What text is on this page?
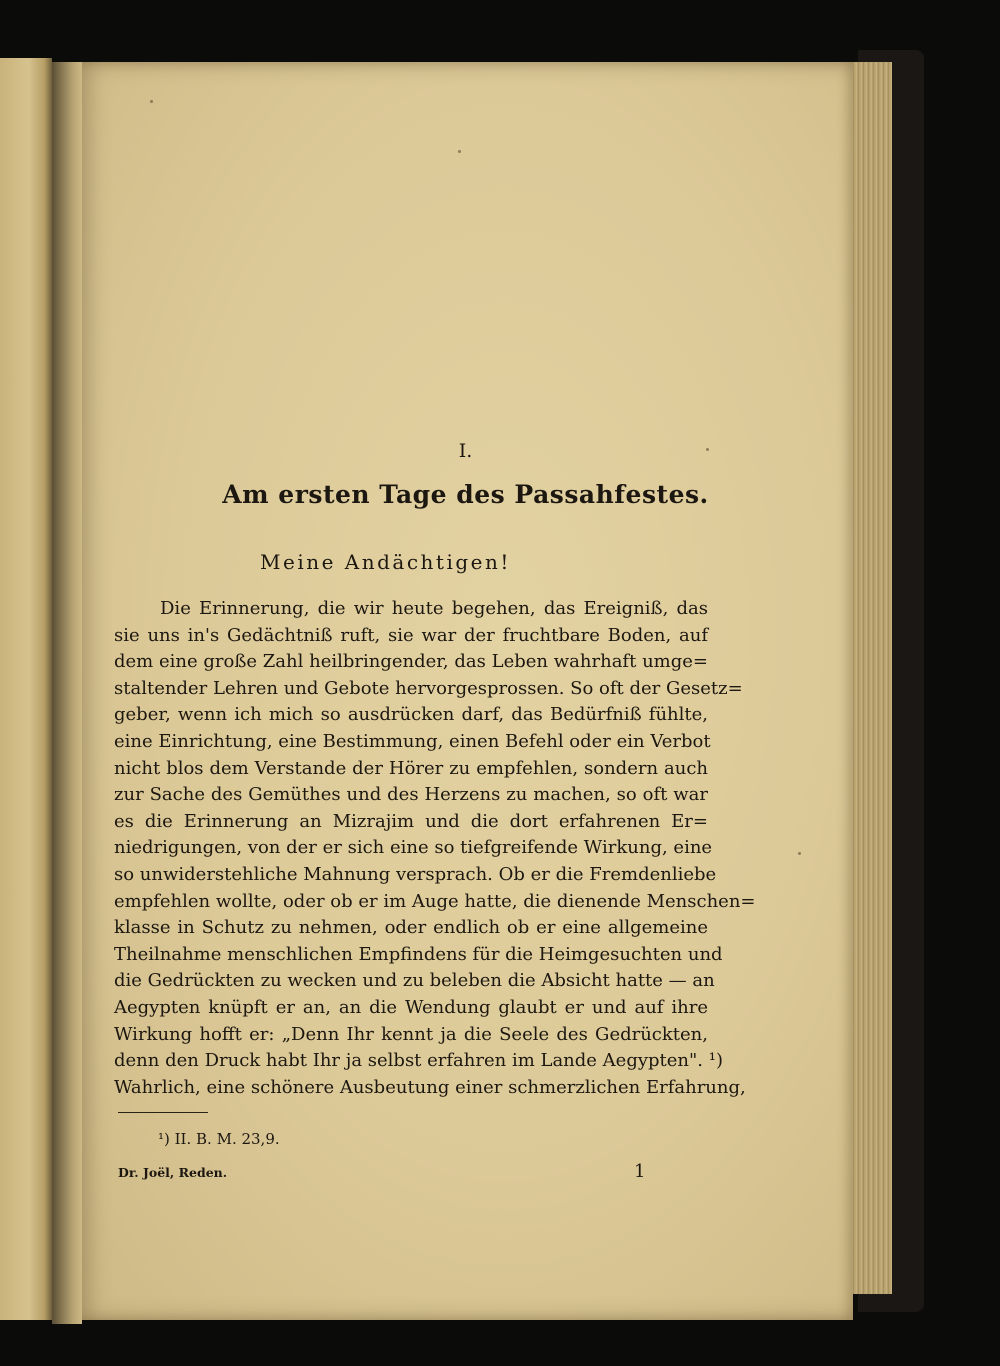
I.
Am ersten Tage des Passahfestes.
Meine Andächtigen!
Die Erinnerung, die wir heute begehen, das Ereigniß, das
sie uns in's Gedächtniß ruft, sie war der fruchtbare Boden, auf
dem eine große Zahl heilbringender, das Leben wahrhaft umge=
staltender Lehren und Gebote hervorgesprossen. So oft der Gesetz=
geber, wenn ich mich so ausdrücken darf, das Bedürfniß fühlte,
eine Einrichtung, eine Bestimmung, einen Befehl oder ein Verbot
nicht blos dem Verstande der Hörer zu empfehlen, sondern auch
zur Sache des Gemüthes und des Herzens zu machen, so oft war
es die Erinnerung an Mizrajim und die dort erfahrenen Er=
niedrigungen, von der er sich eine so tiefgreifende Wirkung, eine
so unwiderstehliche Mahnung versprach. Ob er die Fremdenliebe
empfehlen wollte, oder ob er im Auge hatte, die dienende Menschen=
klasse in Schutz zu nehmen, oder endlich ob er eine allgemeine
Theilnahme menschlichen Empfindens für die Heimgesuchten und
die Gedrückten zu wecken und zu beleben die Absicht hatte — an
Aegypten knüpft er an, an die Wendung glaubt er und auf ihre
Wirkung hofft er: „Denn Ihr kennt ja die Seele des Gedrückten,
denn den Druck habt Ihr ja selbst erfahren im Lande Aegypten". ¹)
Wahrlich, eine schönere Ausbeutung einer schmerzlichen Erfahrung,
¹) II. B. M. 23,9.
Dr. Joël, Reden.	1
